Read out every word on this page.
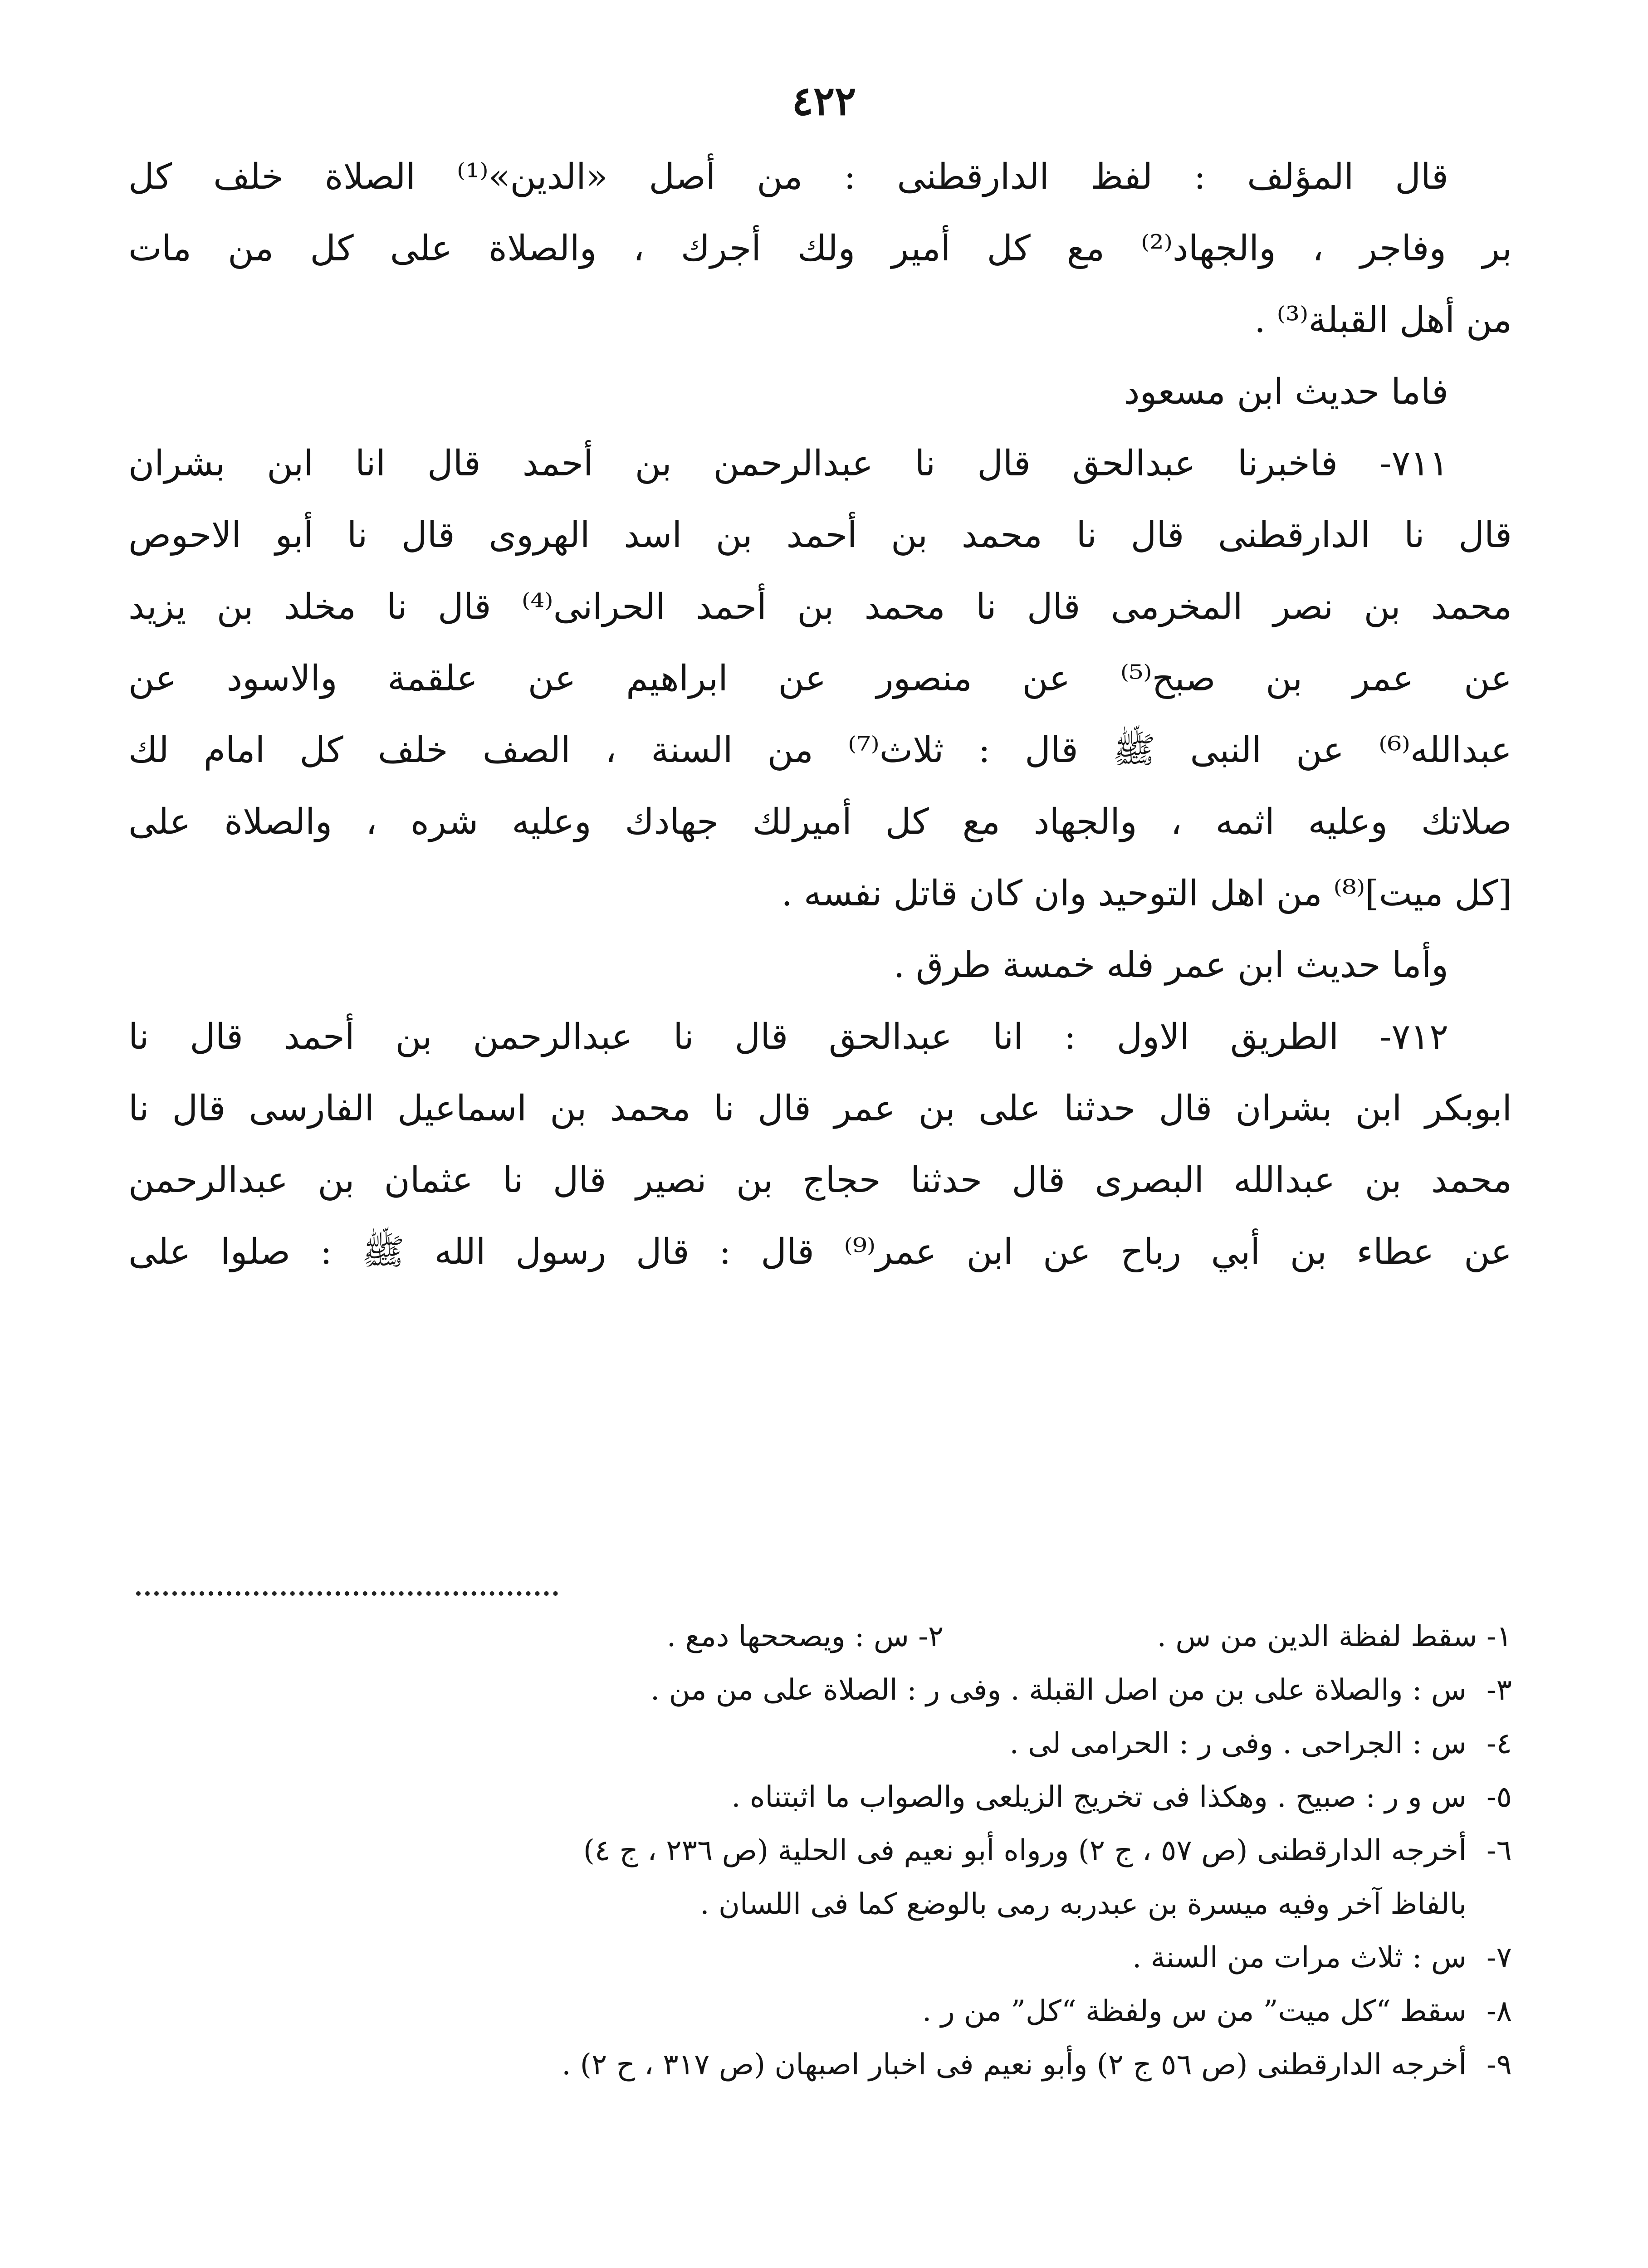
٤٢٢
قال المؤلف : لفظ الدارقطنى : من أصل «الدين»⁽¹⁾ الصلاة خلف كل
بر وفاجر ، والجهاد⁽²⁾ مع كل أمير ولك أجرك ، والصلاة على كل من مات
من أهل القبلة⁽³⁾ .
فاما حديث ابن مسعود
٧١١- فاخبرنا عبدالحق قال نا عبدالرحمن بن أحمد قال انا ابن بشران
قال نا الدارقطنى قال نا محمد بن أحمد بن اسد الهروى قال نا أبو الاحوص
محمد بن نصر المخرمى قال نا محمد بن أحمد الحرانى⁽⁴⁾ قال نا مخلد بن يزيد
عن عمر بن صبح⁽⁵⁾ عن منصور عن ابراهيم عن علقمة والاسود عن
عبدالله⁽⁶⁾ عن النبى ﷺ قال : ثلاث⁽⁷⁾ من السنة ، الصف خلف كل امام لك
صلاتك وعليه اثمه ، والجهاد مع كل أميرلك جهادك وعليه شره ، والصلاة على
[كل ميت]⁽⁸⁾ من اهل التوحيد وان كان قاتل نفسه .
وأما حديث ابن عمر فله خمسة طرق .
٧١٢- الطريق الاول : انا عبدالحق قال نا عبدالرحمن بن أحمد قال نا
ابوبكر ابن بشران قال حدثنا على بن عمر قال نا محمد بن اسماعيل الفارسى قال نا
محمد بن عبدالله البصرى قال حدثنا حجاج بن نصير قال نا عثمان بن عبدالرحمن
عن عطاء بن أبي رباح عن ابن عمر⁽⁹⁾ قال : قال رسول الله ﷺ : صلوا على
١- سقط لفظة الدين من س . ٢- س : ويصححها دمع .
٣-س : والصلاة على بن من اصل القبلة . وفى ر : الصلاة على من من .
٤-س : الجراحى . وفى ر : الحرامى لى .
٥-س و ر : صبيح . وهكذا فى تخريج الزيلعى والصواب ما اثبتناه .
٦-أخرجه الدارقطنى (ص ٥٧ ، ج ٢) ورواه أبو نعيم فى الحلية (ص ٢٣٦ ، ج ٤)
بالفاظ آخر وفيه ميسرة بن عبدربه رمى بالوضع كما فى اللسان .
٧-س : ثلاث مرات من السنة .
٨-سقط “كل ميت” من س ولفظة “كل” من ر .
٩-أخرجه الدارقطنى (ص ٥٦ ج ٢) وأبو نعيم فى اخبار اصبهان (ص ٣١٧ ، ح ٢) .
